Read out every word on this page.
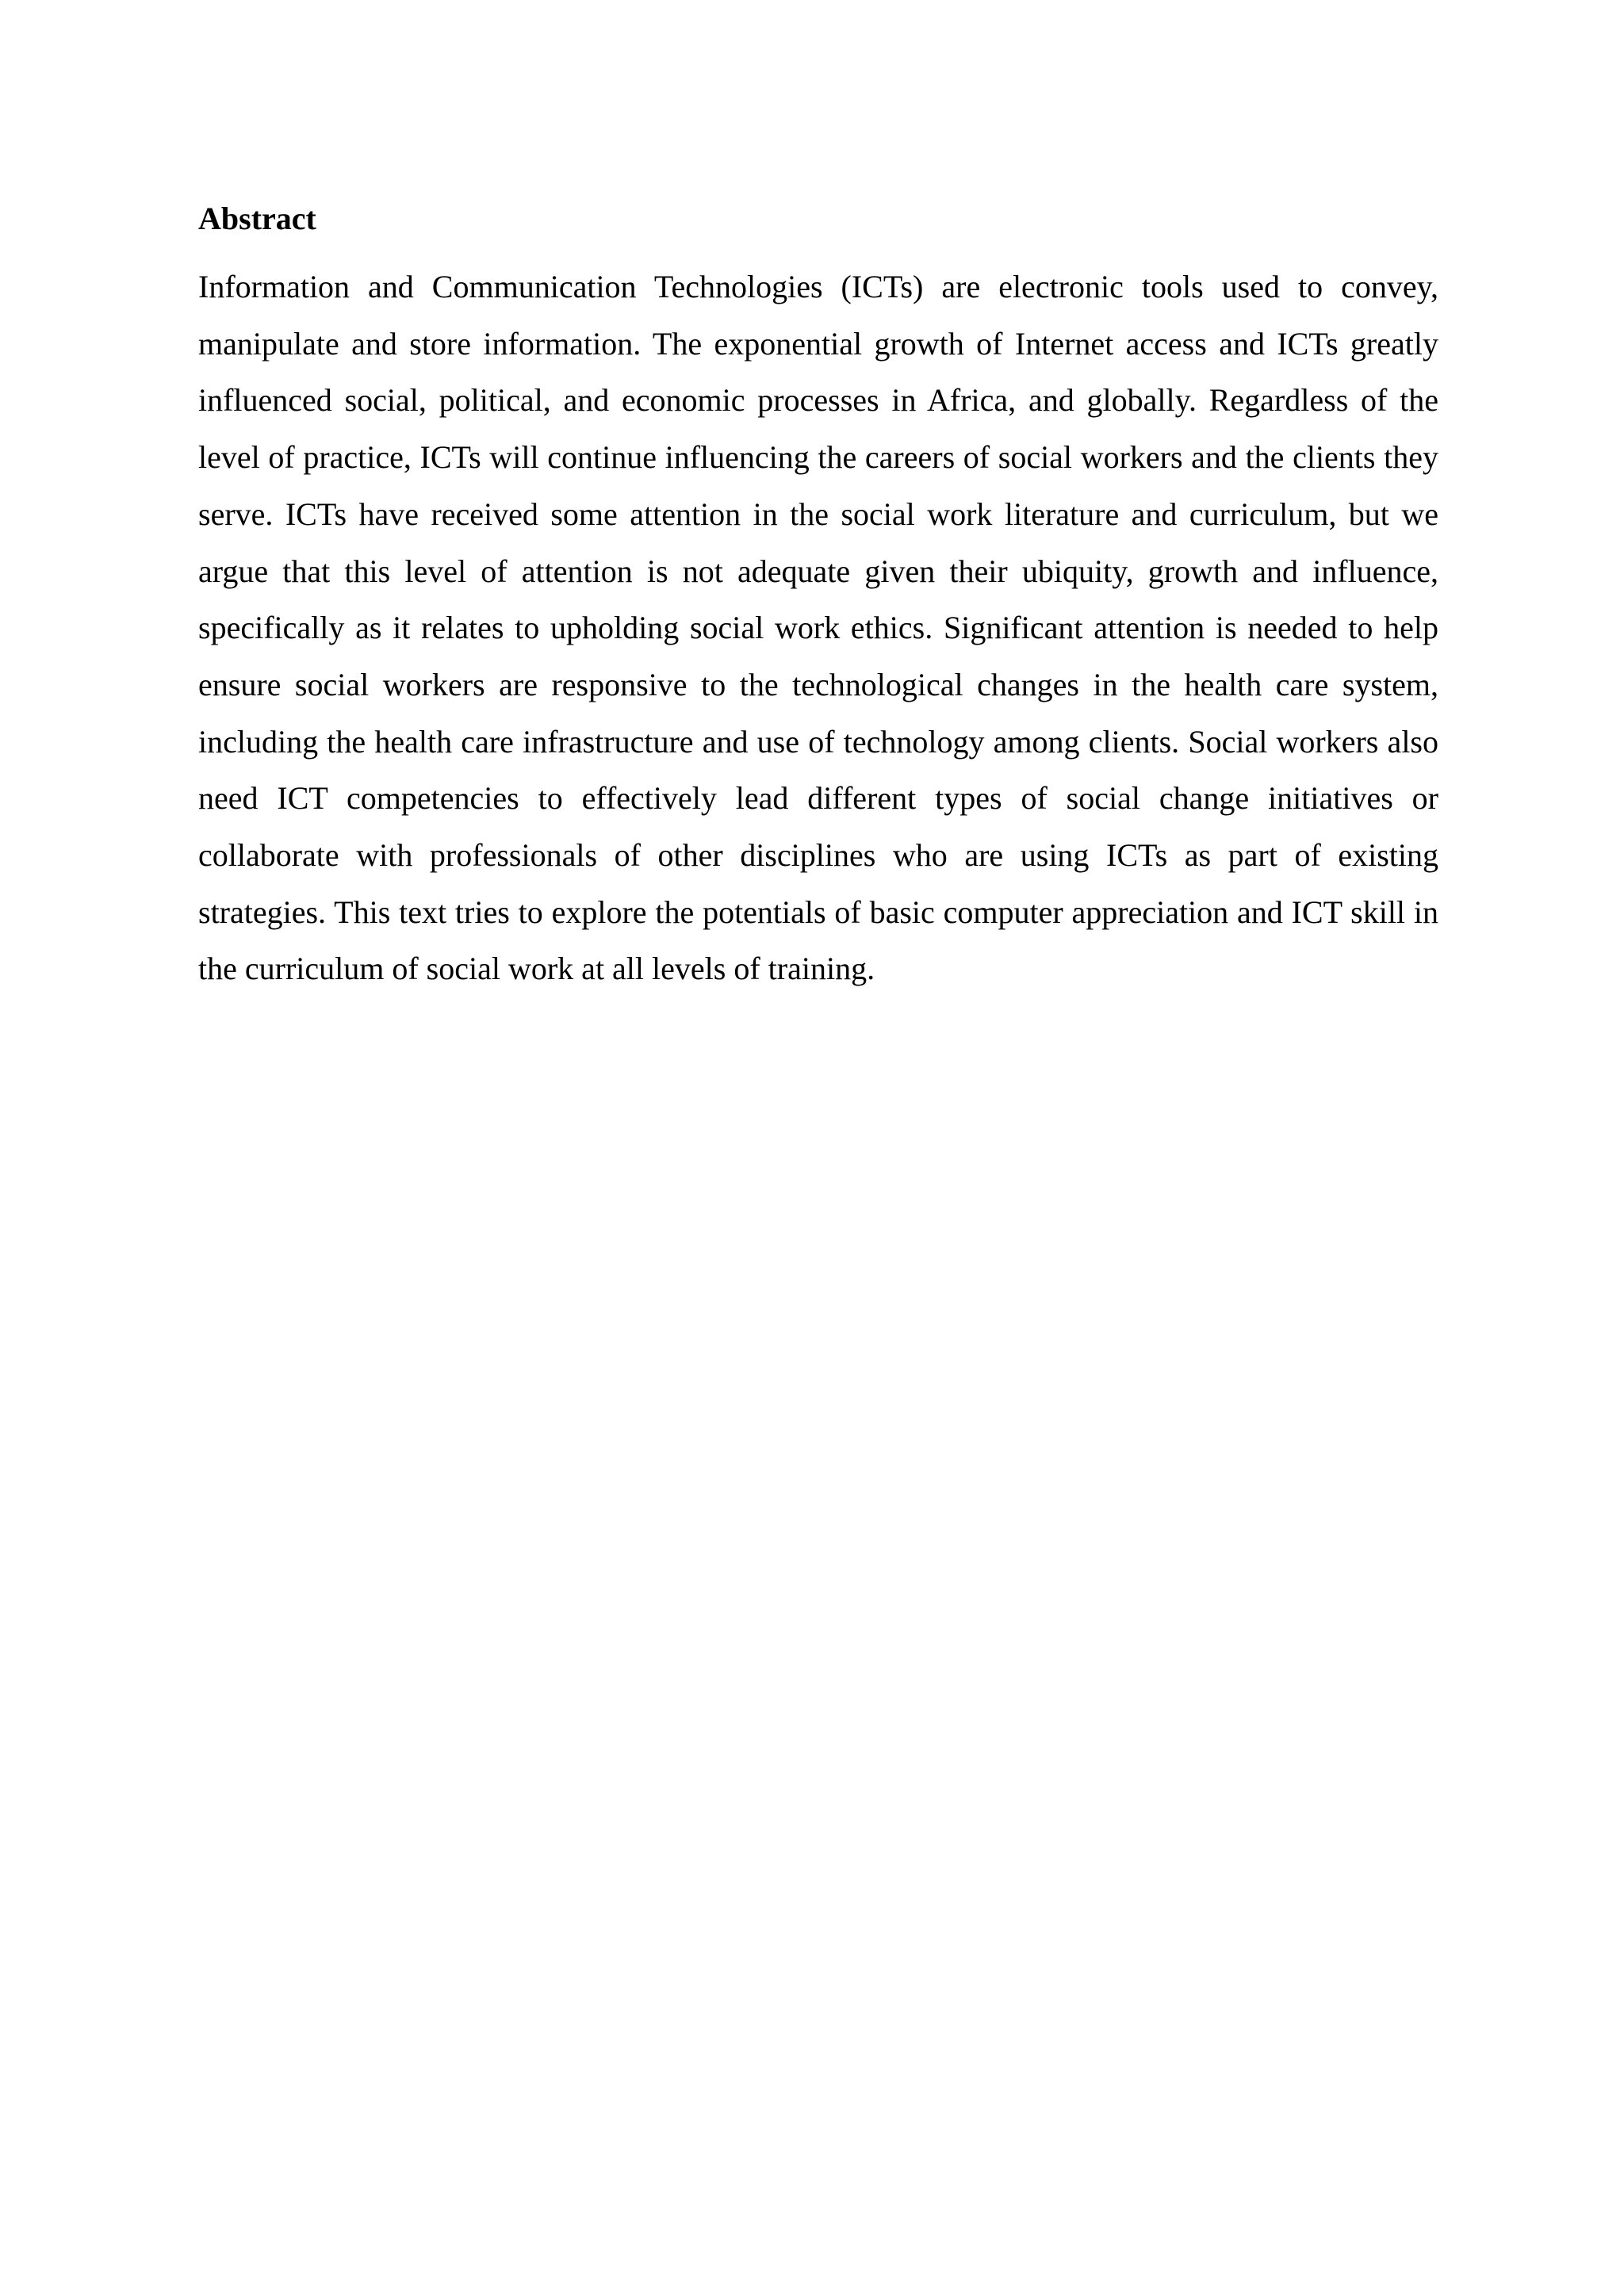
Abstract

Information and Communication Technologies (ICTs) are electronic tools used to convey, manipulate and store information. The exponential growth of Internet access and ICTs greatly influenced social, political, and economic processes in Africa, and globally. Regardless of the level of practice, ICTs will continue influencing the careers of social workers and the clients they serve. ICTs have received some attention in the social work literature and curriculum, but we argue that this level of attention is not adequate given their ubiquity, growth and influence, specifically as it relates to upholding social work ethics. Significant attention is needed to help ensure social workers are responsive to the technological changes in the health care system, including the health care infrastructure and use of technology among clients. Social workers also need ICT competencies to effectively lead different types of social change initiatives or collaborate with professionals of other disciplines who are using ICTs as part of existing strategies. This text tries to explore the potentials of basic computer appreciation and ICT skill in the curriculum of social work at all levels of training.
